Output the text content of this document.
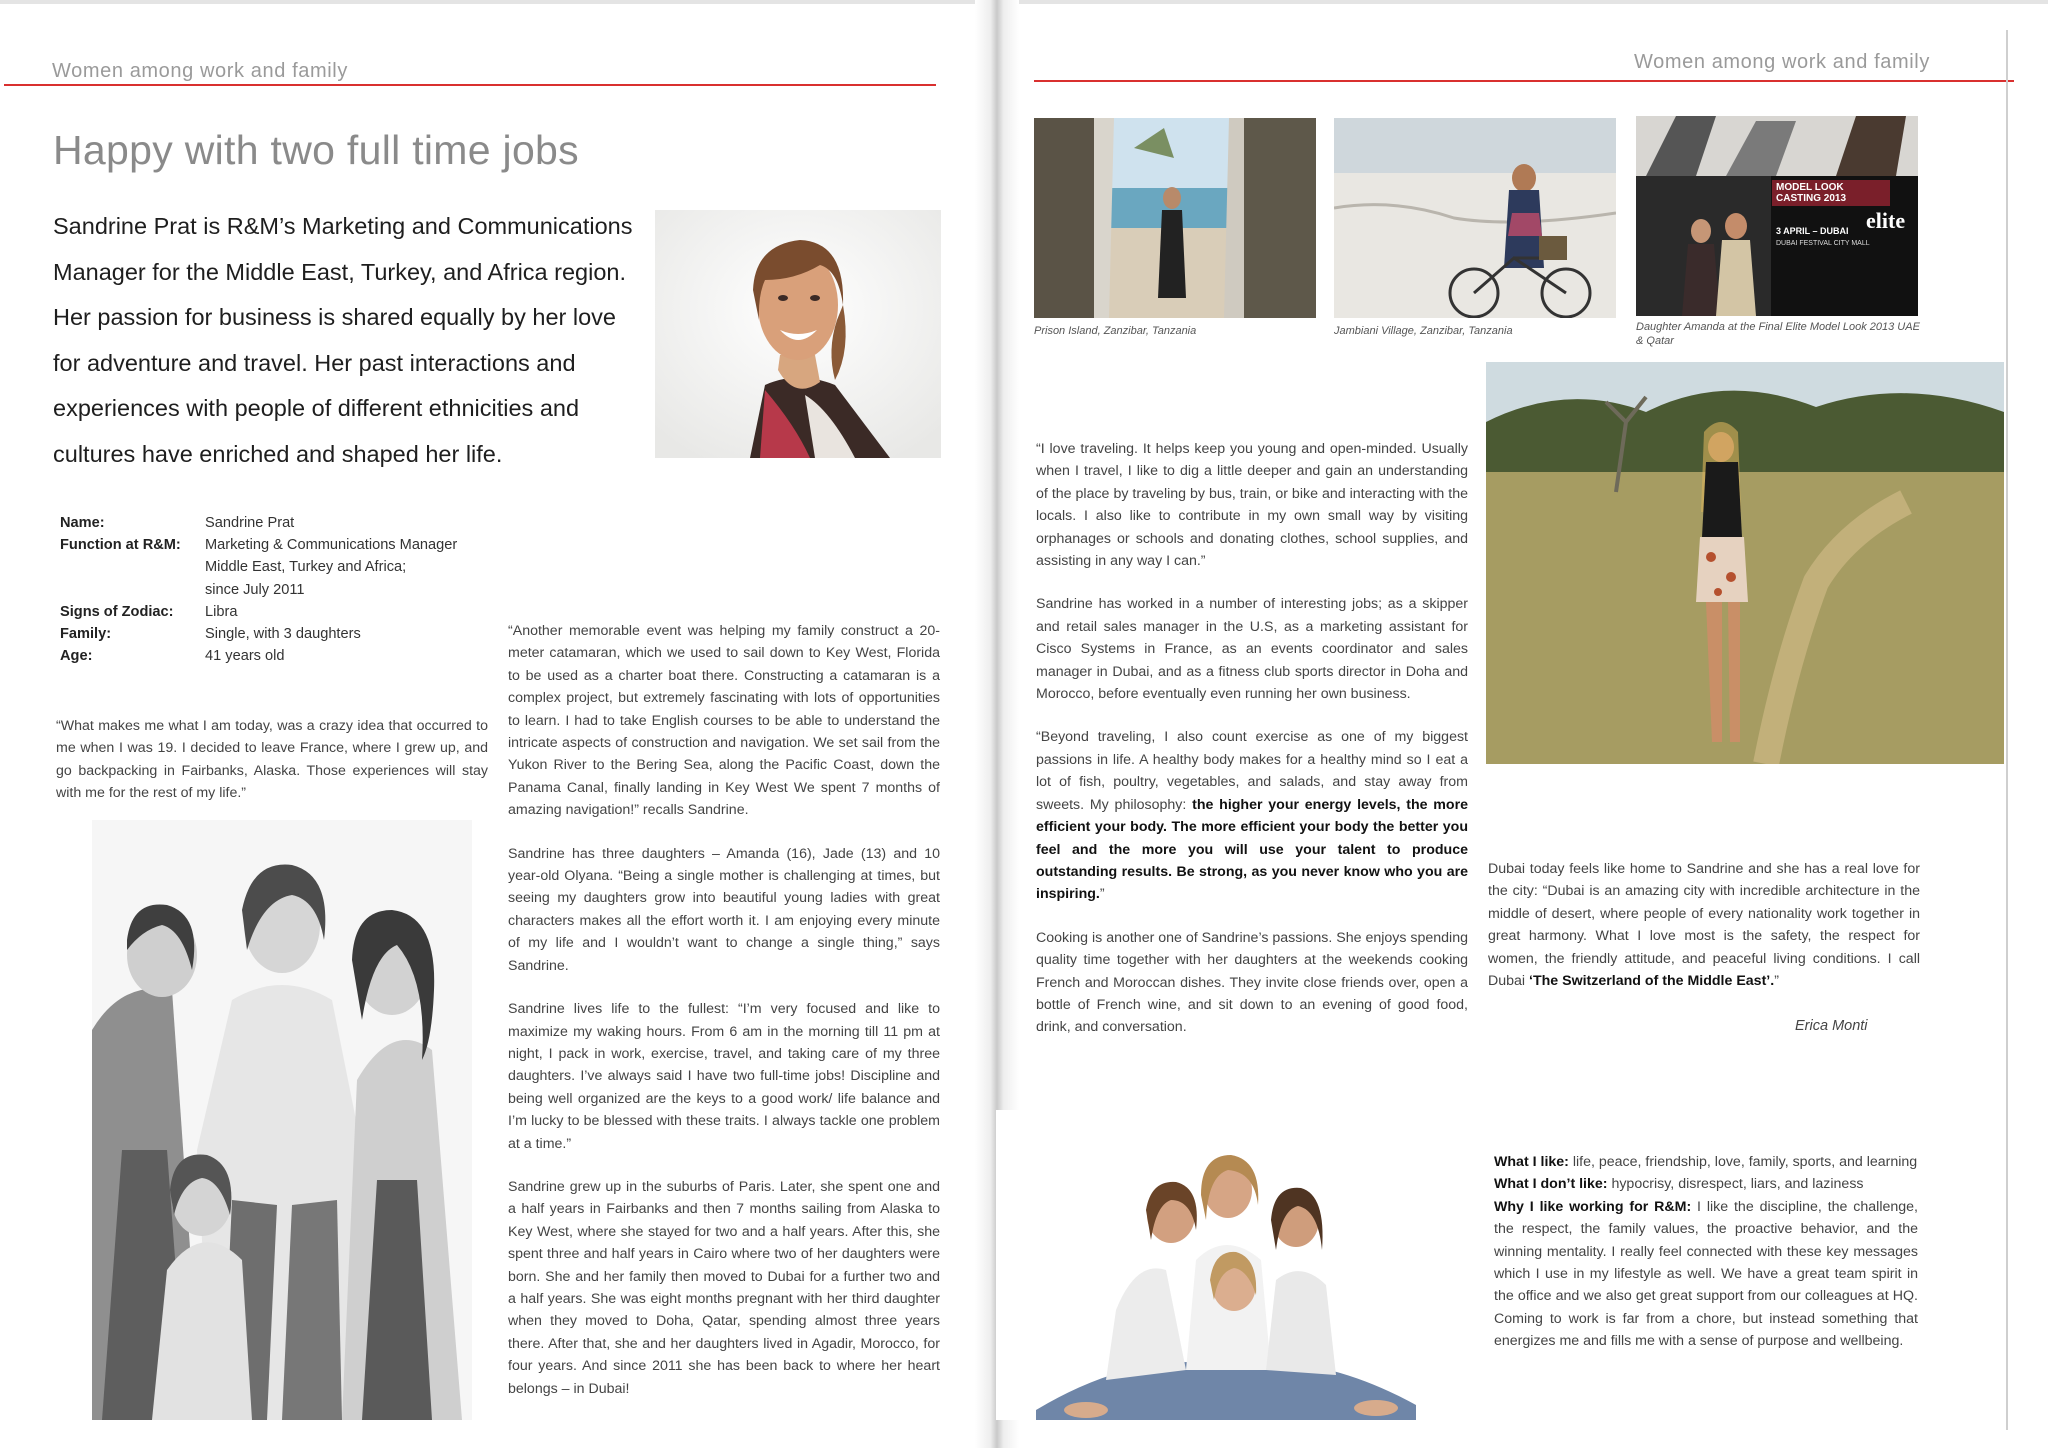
Women among work and family
Happy with two full time jobs
Sandrine Prat is R&M’s Marketing and Communications Manager for the Middle East, Turkey, and Africa region. Her passion for business is shared equally by her love for adventure and travel. Her past interactions and experiences with people of different ethnicities and cultures have enriched and shaped her life.
Name:	Sandrine Prat
Function at R&M:	Marketing & Communications Manager
Middle East, Turkey and Africa;
since July 2011
Signs of Zodiac:	Libra
Family:	Single, with 3 daughters
Age:	41 years old

“What makes me what I am today, was a crazy idea that occurred to me when I was 19. I decided to leave France, where I grew up, and go backpacking in Fairbanks, Alaska. Those experiences will stay with me for the rest of my life.”

“Another memorable event was helping my family construct a 20-meter catamaran, which we used to sail down to Key West, Florida to be used as a charter boat there. Constructing a catamaran is a complex project, but extremely fascinating with lots of opportunities to learn. I had to take English courses to be able to understand the intricate aspects of construction and navigation. We set sail from the Yukon River to the Bering Sea, along the Pacific Coast, down the Panama Canal, finally landing in Key West We spent 7 months of amazing navigation!” recalls Sandrine.

Sandrine has three daughters – Amanda (16), Jade (13) and 10 year-old Olyana. “Being a single mother is challenging at times, but seeing my daughters grow into beautiful young ladies with great characters makes all the effort worth it. I am enjoying every minute of my life and I wouldn’t want to change a single thing,” says Sandrine.

Sandrine lives life to the fullest: “I’m very focused and like to maximize my waking hours. From 6 am in the morning till 11 pm at night, I pack in work, exercise, travel, and taking care of my three daughters. I’ve always said I have two full-time jobs! Discipline and being well organized are the keys to a good work/ life balance and I’m lucky to be blessed with these traits. I always tackle one problem at a time.”

Sandrine grew up in the suburbs of Paris. Later, she spent one and a half years in Fairbanks and then 7 months sailing from Alaska to Key West, where she stayed for two and a half years. After this, she spent three and half years in Cairo where two of her daughters were born. She and her family then moved to Dubai for a further two and a half years. She was eight months pregnant with her third daughter when they moved to Doha, Qatar, spending almost three years there. After that, she and her daughters lived in Agadir, Morocco, for four years. And since 2011 she has been back to where her heart belongs – in Dubai!

Women among work and family
Prison Island, Zanzibar, Tanzania	Jambiani Village, Zanzibar, Tanzania
MODEL LOOK CASTING 2013
elite
3 APRIL – DUBAI
DUBAI FESTIVAL CITY MALL
Daughter Amanda at the Final Elite Model Look 2013 UAE & Qatar

“I love traveling. It helps keep you young and open-minded. Usually when I travel, I like to dig a little deeper and gain an understanding of the place by traveling by bus, train, or bike and interacting with the locals. I also like to contribute in my own small way by visiting orphanages or schools and donating clothes, school supplies, and assisting in any way I can.”

Sandrine has worked in a number of interesting jobs; as a skipper and retail sales manager in the U.S, as a marketing assistant for Cisco Systems in France, as an events coordinator and sales manager in Dubai, and as a fitness club sports director in Doha and Morocco, before eventually even running her own business.

“Beyond traveling, I also count exercise as one of my biggest passions in life. A healthy body makes for a healthy mind so I eat a lot of fish, poultry, vegetables, and salads, and stay away from sweets. My philosophy: the higher your energy levels, the more efficient your body. The more efficient your body the better you feel and the more you will use your talent to produce outstanding results. Be strong, as you never know who you are inspiring.”

Cooking is another one of Sandrine’s passions. She enjoys spending quality time together with her daughters at the weekends cooking French and Moroccan dishes. They invite close friends over, open a bottle of French wine, and sit down to an evening of good food, drink, and conversation.

Dubai today feels like home to Sandrine and she has a real love for the city: “Dubai is an amazing city with incredible architecture in the middle of desert, where people of every nationality work together in great harmony. What I love most is the safety, the respect for women, the friendly attitude, and peaceful living conditions. I call Dubai ‘The Switzerland of the Middle East’.”

Erica Monti
What I like: life, peace, friendship, love, family, sports, and learning
What I don’t like: hypocrisy, disrespect, liars, and laziness
Why I like working for R&M: I like the discipline, the challenge, the respect, the family values, the proactive behavior, and the winning mentality. I really feel connected with these key messages which I use in my lifestyle as well. We have a great team spirit in the office and we also get great support from our colleagues at HQ. Coming to work is far from a chore, but instead something that energizes me and fills me with a sense of purpose and wellbeing.
